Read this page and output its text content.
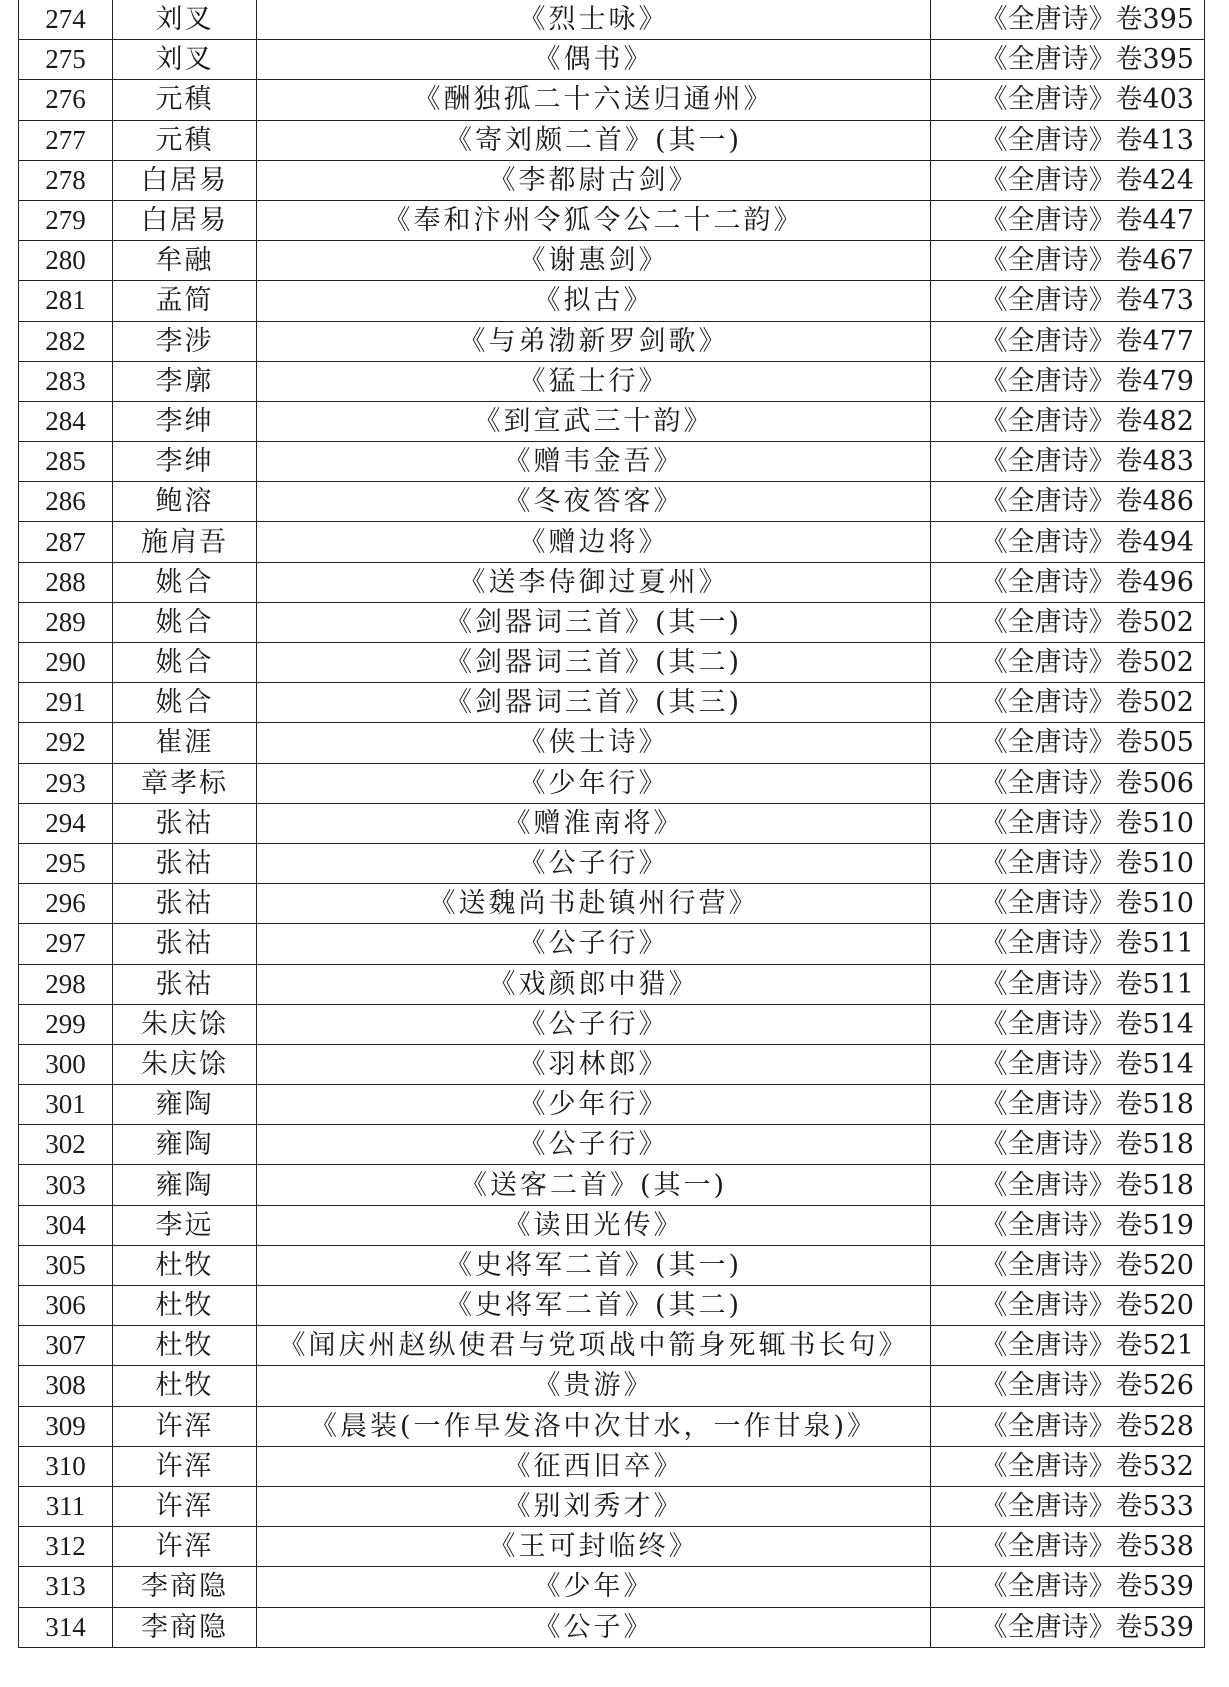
274	刘叉	《烈士咏》	《全唐诗》卷395
275	刘叉	《偶书》	《全唐诗》卷395
276	元稹	《酬独孤二十六送归通州》	《全唐诗》卷403
277	元稹	《寄刘颇二首》(其一)	《全唐诗》卷413
278	白居易	《李都尉古剑》	《全唐诗》卷424
279	白居易	《奉和汴州令狐令公二十二韵》	《全唐诗》卷447
280	牟融	《谢惠剑》	《全唐诗》卷467
281	孟简	《拟古》	《全唐诗》卷473
282	李涉	《与弟渤新罗剑歌》	《全唐诗》卷477
283	李廓	《猛士行》	《全唐诗》卷479
284	李绅	《到宣武三十韵》	《全唐诗》卷482
285	李绅	《赠韦金吾》	《全唐诗》卷483
286	鲍溶	《冬夜答客》	《全唐诗》卷486
287	施肩吾	《赠边将》	《全唐诗》卷494
288	姚合	《送李侍御过夏州》	《全唐诗》卷496
289	姚合	《剑器词三首》(其一)	《全唐诗》卷502
290	姚合	《剑器词三首》(其二)	《全唐诗》卷502
291	姚合	《剑器词三首》(其三)	《全唐诗》卷502
292	崔涯	《侠士诗》	《全唐诗》卷505
293	章孝标	《少年行》	《全唐诗》卷506
294	张祜	《赠淮南将》	《全唐诗》卷510
295	张祜	《公子行》	《全唐诗》卷510
296	张祜	《送魏尚书赴镇州行营》	《全唐诗》卷510
297	张祜	《公子行》	《全唐诗》卷511
298	张祜	《戏颜郎中猎》	《全唐诗》卷511
299	朱庆馀	《公子行》	《全唐诗》卷514
300	朱庆馀	《羽林郎》	《全唐诗》卷514
301	雍陶	《少年行》	《全唐诗》卷518
302	雍陶	《公子行》	《全唐诗》卷518
303	雍陶	《送客二首》(其一)	《全唐诗》卷518
304	李远	《读田光传》	《全唐诗》卷519
305	杜牧	《史将军二首》(其一)	《全唐诗》卷520
306	杜牧	《史将军二首》(其二)	《全唐诗》卷520
307	杜牧	《闻庆州赵纵使君与党项战中箭身死辄书长句》	《全唐诗》卷521
308	杜牧	《贵游》	《全唐诗》卷526
309	许浑	《晨装(一作早发洛中次甘水，一作甘泉)》	《全唐诗》卷528
310	许浑	《征西旧卒》	《全唐诗》卷532
311	许浑	《别刘秀才》	《全唐诗》卷533
312	许浑	《王可封临终》	《全唐诗》卷538
313	李商隐	《少年》	《全唐诗》卷539
314	李商隐	《公子》	《全唐诗》卷539
